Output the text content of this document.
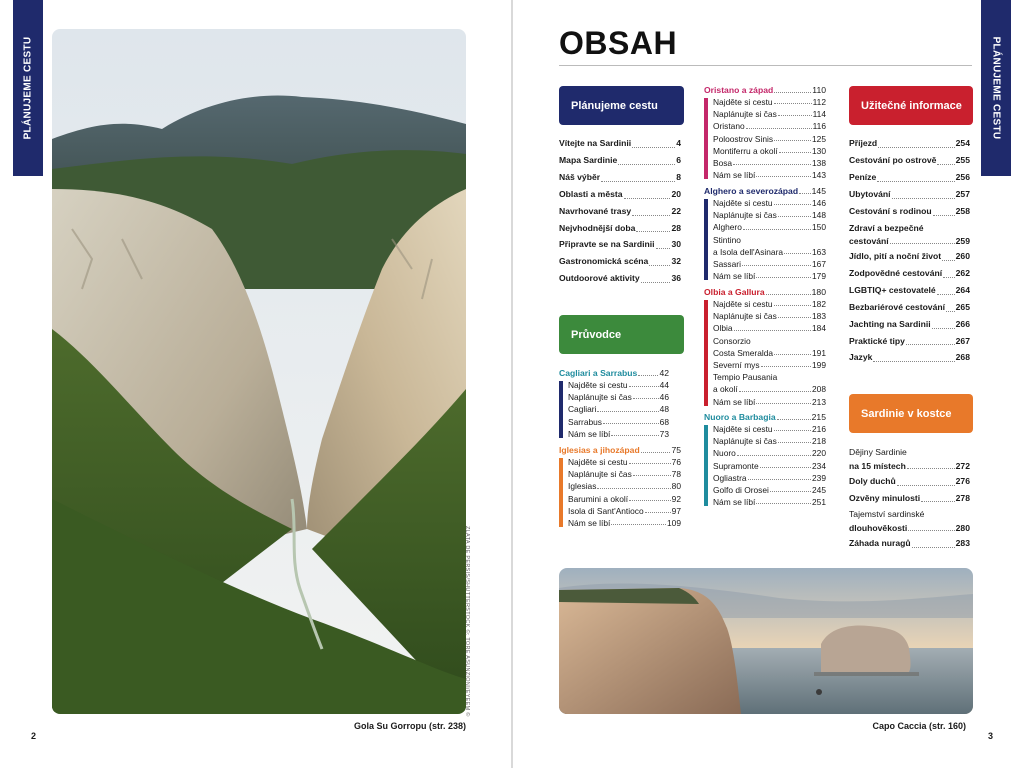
PLÁNUJEME CESTU
ZLATA DE PERSIS/SHUTTERSTOCK ©; TORE ASUNZIONI/EYEEM ©
Gola Su Gorropu (str. 238)
2
PLÁNUJEME CESTU
OBSAH
Plánujeme cestu
Vítejte na Sardinii	4
Mapa Sardinie	6
Náš výběr	8
Oblasti a města	20
Navrhované trasy	22
Nejvhodnější doba	28
Připravte se na Sardinii 30
Gastronomická scéna	32
Outdoorové aktivity	36
Průvodce
Cagliari a Sarrabus	42
Najděte si cestu	44
Naplánujte si čas	46
Cagliari	48
Sarrabus	68
Nám se líbí	73
Iglesias a jihozápad	75
Najděte si cestu	76
Naplánujte si čas	78
Iglesias	80
Barumini a okolí	92
Isola di Sant'Antioco	97
Nám se líbí	109
Oristano a západ	110
Najděte si cestu	112
Naplánujte si čas	114
Oristano	116
Poloostrov Sinis	125
Montiferru a okolí	130
Bosa	138
Nám se líbí	143
Alghero a severozápad 145
Najděte si cestu	146
Naplánujte si čas	148
Alghero	150
Stintino
a Isola dell'Asinara	163
Sassari	167
Nám se líbí	179
Olbia a Gallura	180
Najděte si cestu	182
Naplánujte si čas	183
Olbia	184
Consorzio
Costa Smeralda	191
Severní mys	199
Tempio Pausania
a okolí	208
Nám se líbí	213
Nuoro a Barbagia	215
Najděte si cestu	216
Naplánujte si čas	218
Nuoro	220
Supramonte	234
Ogliastra	239
Golfo di Orosei	245
Nám se líbí	251
Užitečné informace
Příjezd	254
Cestování po ostrově 255
Peníze	256
Ubytování	257
Cestování s rodinou	258
Zdraví a bezpečné
cestování	259
Jídlo, pití a noční život 260
Zodpovědné cestování 262
LGBTIQ+ cestovatelé 264
Bezbariérové cestování 265
Jachting na Sardinii	266
Praktické tipy	267
Jazyk	268
Sardinie v kostce
Dějiny Sardinie
na 15 místech	272
Doly duchů	276
Ozvěny minulosti	278
Tajemství sardinské
dlouhověkosti	280
Záhada nuragů	283
Capo Caccia (str. 160)
3
